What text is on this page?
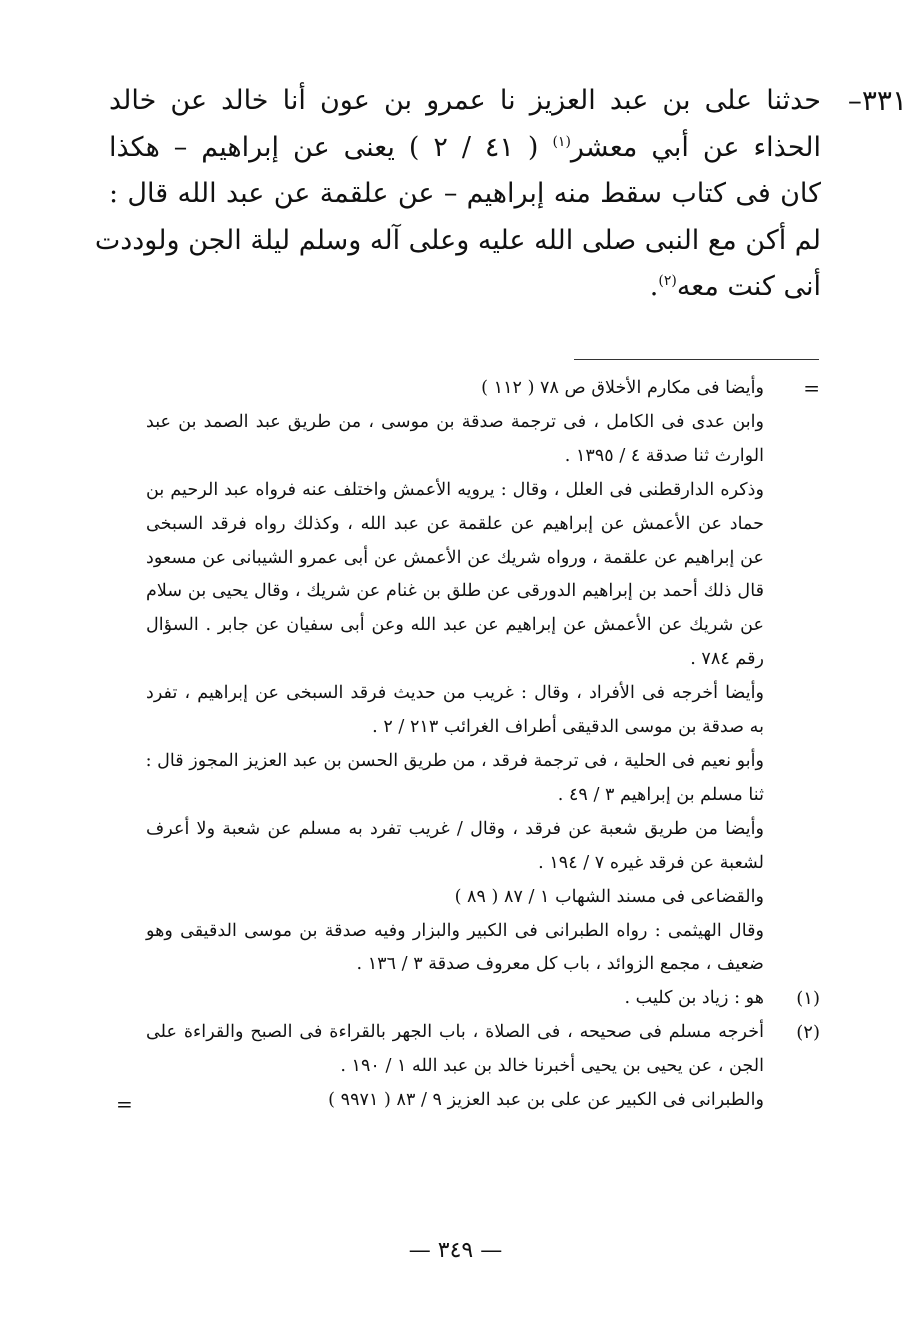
٣٣١–
حدثنا على بن عبد العزيز نا عمرو بن عون أنا خالد عن خالد
الحذاء عن أبي معشر$^{(١)}$ ( ٤١ / ٢ ) يعنى عن إبراهيم – هكذا
كان فى كتاب سقط منه إبراهيم – عن علقمة عن عبد الله قال :
لم أكن مع النبى صلى الله عليه وعلى آله وسلم ليلة الجن ولوددت
أنى كنت معه$^{(٢)}$.
=
وأيضا فى مكارم الأخلاق ص ٧٨ ( ١١٢ )
وابن عدى فى الكامل ، فى ترجمة صدقة بن موسى ، من طريق عبد الصمد بن عبد
الوارث ثنا صدقة ٤ / ١٣٩٥ .
وذكره الدارقطنى فى العلل ، وقال : يرويه الأعمش واختلف عنه فرواه عبد الرحيم بن
حماد عن الأعمش عن إبراهيم عن علقمة عن عبد الله ، وكذلك رواه فرقد السبخى
عن إبراهيم عن علقمة ، ورواه شريك عن الأعمش عن أبى عمرو الشيبانى عن مسعود
قال ذلك أحمد بن إبراهيم الدورقى عن طلق بن غنام عن شريك ، وقال يحيى بن سلام
عن شريك عن الأعمش عن إبراهيم عن عبد الله وعن أبى سفيان عن جابر . السؤال
رقم ٧٨٤ .
وأيضا أخرجه فى الأفراد ، وقال : غريب من حديث فرقد السبخى عن إبراهيم ، تفرد
به صدقة بن موسى الدقيقى أطراف الغرائب ٢١٣ / ٢ .
وأبو نعيم فى الحلية ، فى ترجمة فرقد ، من طريق الحسن بن عبد العزيز المجوز قال :
ثنا مسلم بن إبراهيم ٣ / ٤٩ .
وأيضا من طريق شعبة عن فرقد ، وقال / غريب تفرد به مسلم عن شعبة ولا أعرف
لشعبة عن فرقد غيره ٧ / ١٩٤ .
والقضاعى فى مسند الشهاب ١ / ٨٧ ( ٨٩ )
وقال الهيثمى : رواه الطبرانى فى الكبير والبزار وفيه صدقة بن موسى الدقيقى وهو
ضعيف ، مجمع الزوائد ، باب كل معروف صدقة ٣ / ١٣٦ .
(١)
هو : زياد بن كليب .
(٢)
أخرجه مسلم فى صحيحه ، فى الصلاة ، باب الجهر بالقراءة فى الصبح والقراءة على
الجن ، عن يحيى بن يحيى أخبرنا خالد بن عبد الله ١ / ١٩٠ .
والطبرانى فى الكبير عن على بن عبد العزيز ٩ / ٨٣ ( ٩٩٧١ )
=
— ٣٤٩ —
